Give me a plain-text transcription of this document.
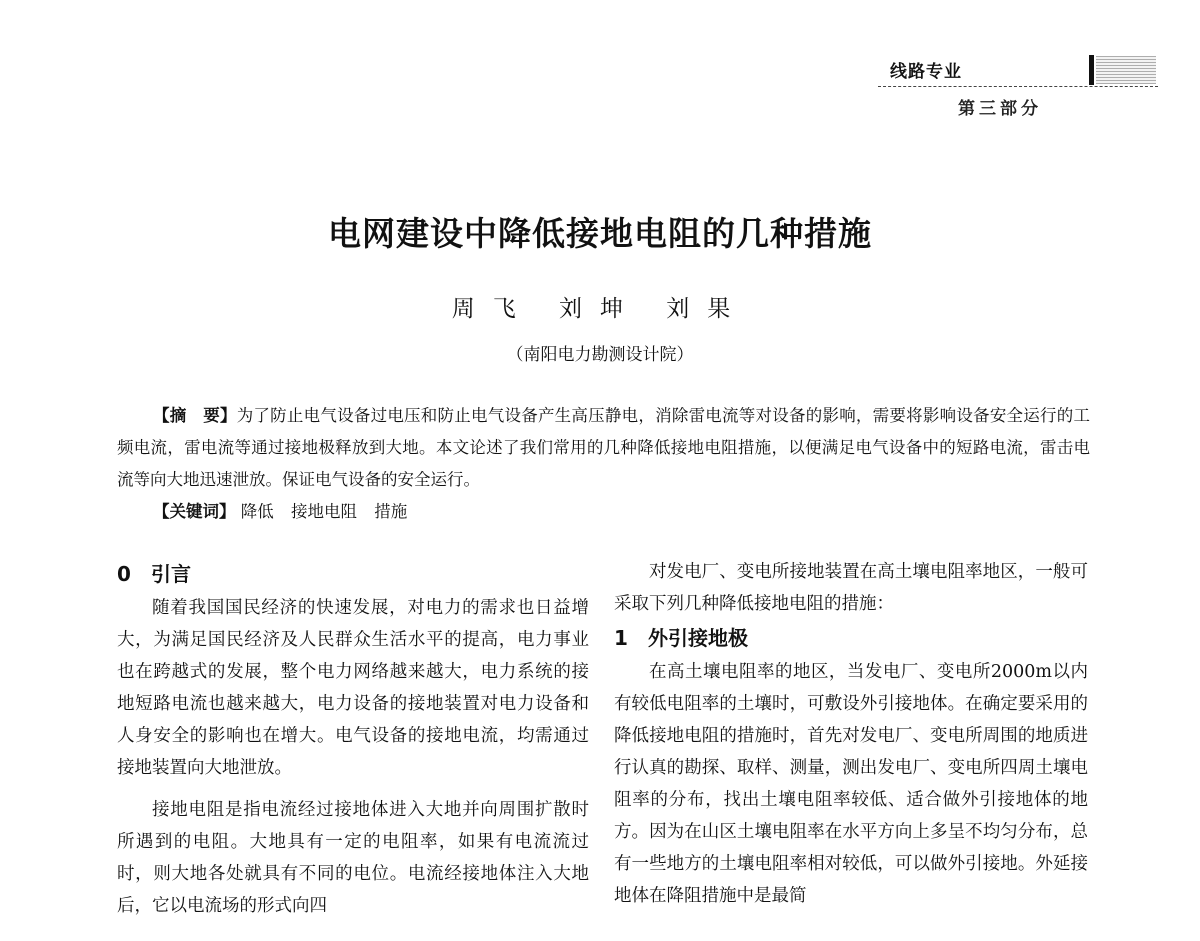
线路专业
第三部分
电网建设中降低接地电阻的几种措施
周飞 刘坤 刘果
（南阳电力勘测设计院）

【摘　要】为了防止电气设备过电压和防止电气设备产生高压静电，消除雷电流等对设备的影响，需要将影响设备安全运行的工频电流，雷电流等通过接地极释放到大地。本文论述了我们常用的几种降低接地电阻措施，以便满足电气设备中的短路电流，雷击电流等向大地迅速泄放。保证电气设备的安全运行。

【关键词】 降低 接地电阻 措施

0 引言

随着我国国民经济的快速发展，对电力的需求也日益增大，为满足国民经济及人民群众生活水平的提高，电力事业也在跨越式的发展，整个电力网络越来越大，电力系统的接地短路电流也越来越大，电力设备的接地装置对电力设备和人身安全的影响也在增大。电气设备的接地电流，均需通过接地装置向大地泄放。

接地电阻是指电流经过接地体进入大地并向周围扩散时所遇到的电阻。大地具有一定的电阻率，如果有电流流过时，则大地各处就具有不同的电位。电流经接地体注入大地后，它以电流场的形式向四

对发电厂、变电所接地装置在高土壤电阻率地区，一般可采取下列几种降低接地电阻的措施：

1 外引接地极

在高土壤电阻率的地区，当发电厂、变电所2000m以内有较低电阻率的土壤时，可敷设外引接地体。在确定要采用的降低接地电阻的措施时，首先对发电厂、变电所周围的地质进行认真的勘探、取样、测量，测出发电厂、变电所四周土壤电阻率的分布，找出土壤电阻率较低、适合做外引接地体的地方。因为在山区土壤电阻率在水平方向上多呈不均匀分布，总有一些地方的土壤电阻率相对较低，可以做外引接地。外延接地体在降阻措施中是最简
